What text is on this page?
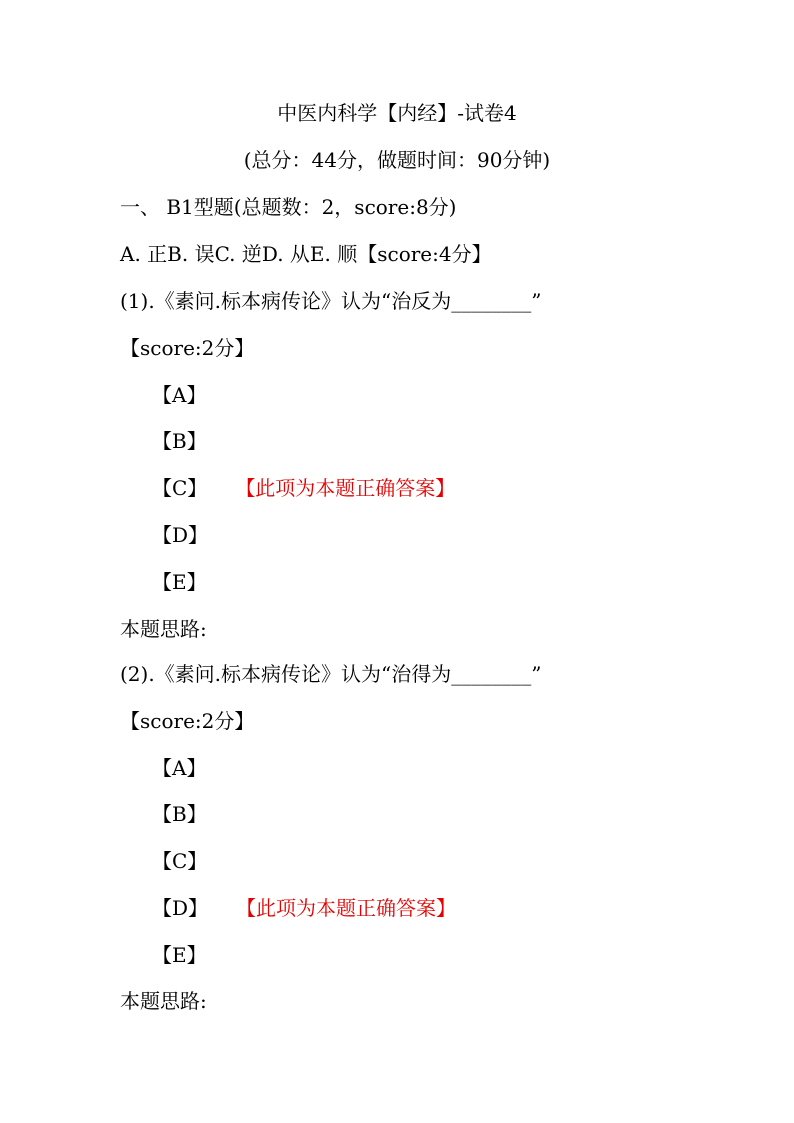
中医内科学【内经】-试卷4
(总分：44分，做题时间：90分钟)
一、 B1型题(总题数：2，score:8分)
A. 正B. 误C. 逆D. 从E. 顺【score:4分】
(1).《素问.标本病传论》认为“治反为________”
【score:2分】
【A】
【B】
【C】 【此项为本题正确答案】
【D】
【E】
本题思路:
(2).《素问.标本病传论》认为“治得为________”
【score:2分】
【A】
【B】
【C】
【D】 【此项为本题正确答案】
【E】
本题思路:
